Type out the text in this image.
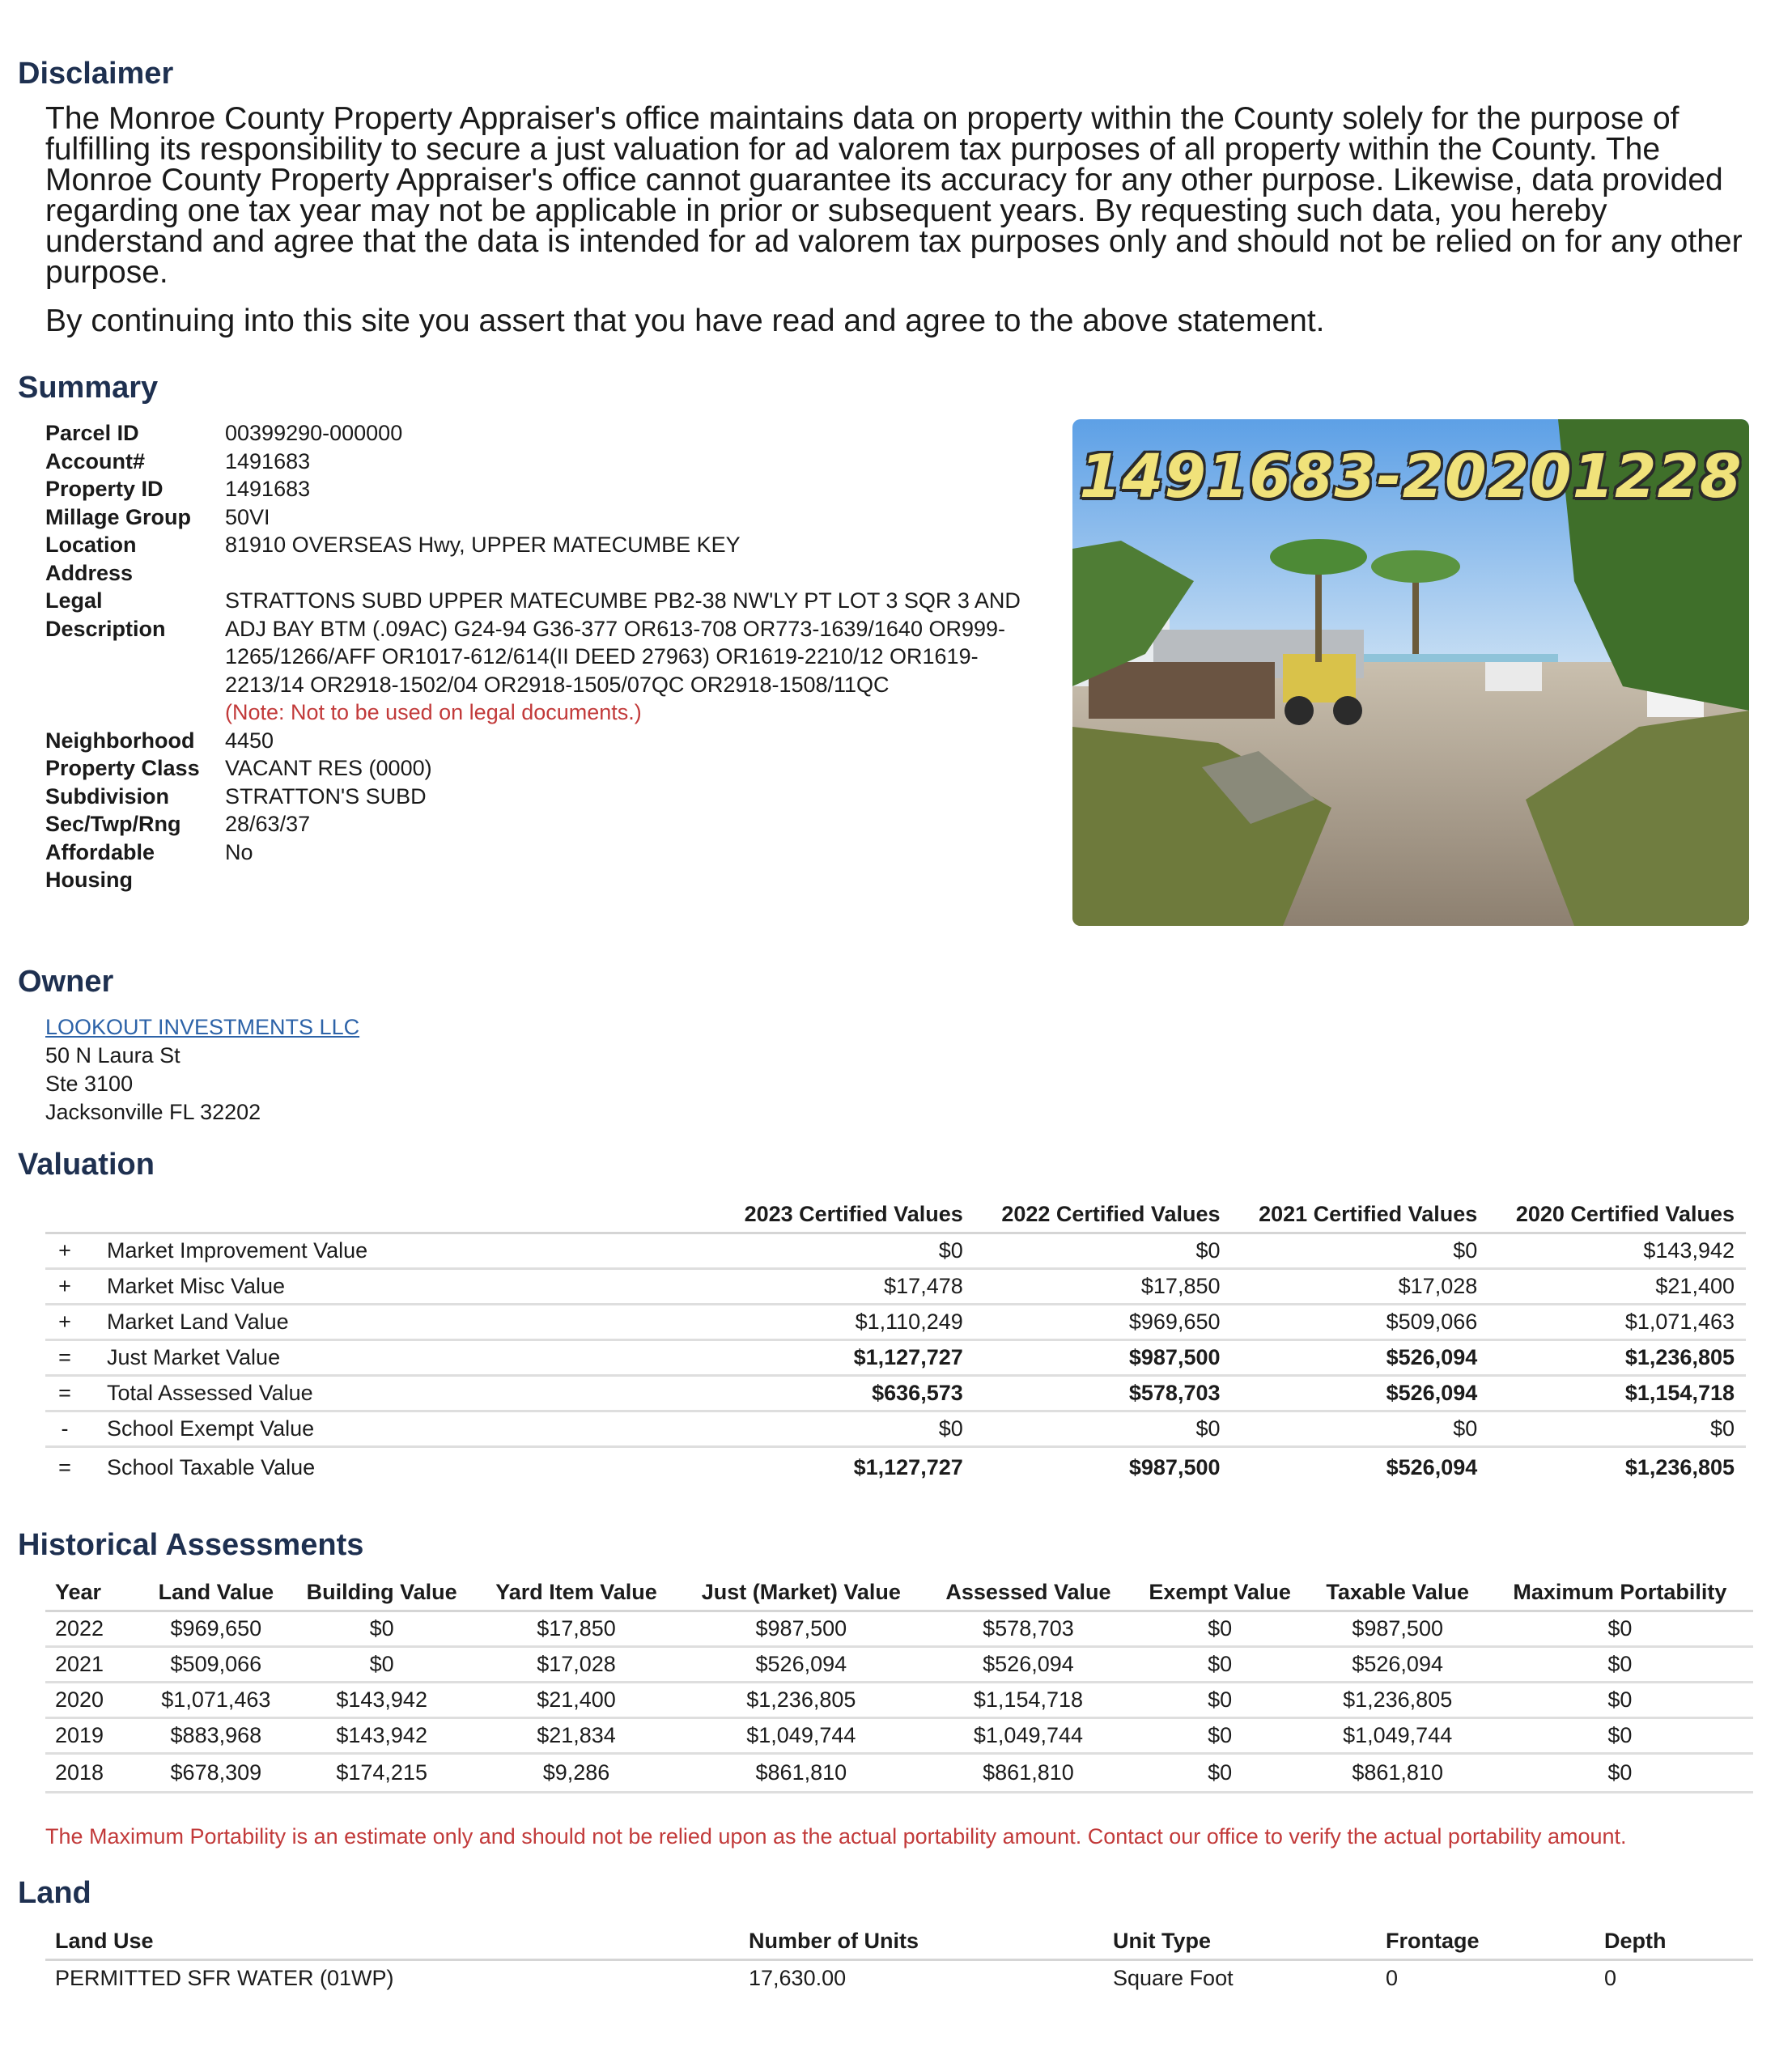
Disclaimer
The Monroe County Property Appraiser's office maintains data on property within the County solely for the purpose of fulfilling its responsibility to secure a just valuation for ad valorem tax purposes of all property within the County. The Monroe County Property Appraiser's office cannot guarantee its accuracy for any other purpose. Likewise, data provided regarding one tax year may not be applicable in prior or subsequent years. By requesting such data, you hereby understand and agree that the data is intended for ad valorem tax purposes only and should not be relied on for any other purpose.
By continuing into this site you assert that you have read and agree to the above statement.
Summary
Parcel ID	00399290-000000
Account#	1491683
Property ID	1491683
Millage Group	50VI
Location Address	81910 OVERSEAS Hwy, UPPER MATECUMBE KEY
Legal Description	STRATTONS SUBD UPPER MATECUMBE PB2-38 NW'LY PT LOT 3 SQR 3 AND ADJ BAY BTM (.09AC) G24-94 G36-377 OR613-708 OR773-1639/1640 OR999-1265/1266/AFF OR1017-612/614(II DEED 27963) OR1619-2210/12 OR1619-2213/14 OR2918-1502/04 OR2918-1505/07QC OR2918-1508/11QC
(Note: Not to be used on legal documents.)
Neighborhood	4450
Property Class	VACANT RES (0000)
Subdivision	STRATTON'S SUBD
Sec/Twp/Rng	28/63/37
Affordable Housing	No
1491683-20201228
Owner
LOOKOUT INVESTMENTS LLC
50 N Laura St
Ste 3100
Jacksonville FL 32202
Valuation
		2023 Certified Values	2022 Certified Values	2021 Certified Values	2020 Certified Values
+	Market Improvement Value	$0	$0	$0	$143,942
+	Market Misc Value	$17,478	$17,850	$17,028	$21,400
+	Market Land Value	$1,110,249	$969,650	$509,066	$1,071,463
=	Just Market Value	$1,127,727	$987,500	$526,094	$1,236,805
=	Total Assessed Value	$636,573	$578,703	$526,094	$1,154,718
-	School Exempt Value	$0	$0	$0	$0
=	School Taxable Value	$1,127,727	$987,500	$526,094	$1,236,805
Historical Assessments
Year	Land Value	Building Value	Yard Item Value	Just (Market) Value	Assessed Value	Exempt Value	Taxable Value	Maximum Portability
2022	$969,650	$0	$17,850	$987,500	$578,703	$0	$987,500	$0
2021	$509,066	$0	$17,028	$526,094	$526,094	$0	$526,094	$0
2020	$1,071,463	$143,942	$21,400	$1,236,805	$1,154,718	$0	$1,236,805	$0
2019	$883,968	$143,942	$21,834	$1,049,744	$1,049,744	$0	$1,049,744	$0
2018	$678,309	$174,215	$9,286	$861,810	$861,810	$0	$861,810	$0
The Maximum Portability is an estimate only and should not be relied upon as the actual portability amount. Contact our office to verify the actual portability amount.
Land
Land Use	Number of Units	Unit Type	Frontage	Depth
PERMITTED SFR WATER (01WP)	17,630.00	Square Foot	0	0
